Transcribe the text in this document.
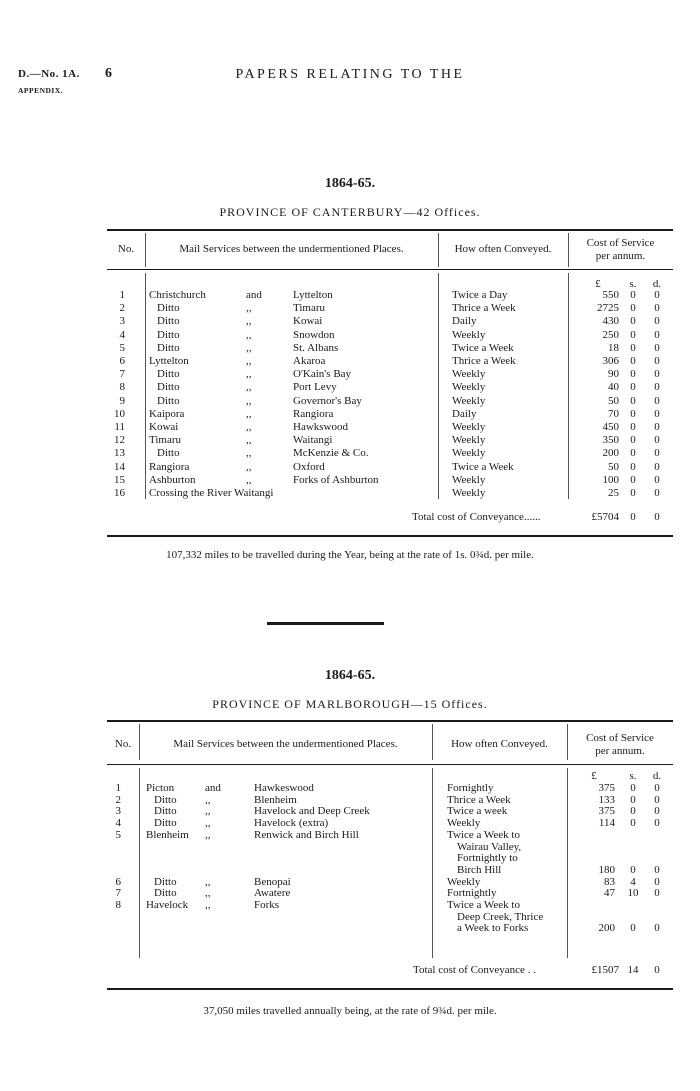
D.—No. 1A.
APPENDIX.
6	PAPERS RELATING TO THE
1864-65.
PROVINCE OF CANTERBURY—42 Offices.
No.	Mail Services between the undermentioned Places.	How often Conveyed.	Cost of Service
per annum.
£	s.	d.
1 Christchurch	and	Lyttelton	Twice a Day	550	0	0
2	Ditto	,,	Timaru	Thrice a Week	2725	0	0
3	Ditto	,,	Kowai	Daily	430	0	0
4	Ditto	,,	Snowdon	Weekly	250	0	0
5	Ditto	,,	St. Albans	Twice a Week	18	0	0
6 Lyttelton	,,	Akaroa	Thrice a Week	306	0	0
7	Ditto	,,	O'Kain's Bay	Weekly	90	0	0
8	Ditto	,,	Port Levy	Weekly	40	0	0
9	Ditto	,,	Governor's Bay	Weekly	50	0	0
10 Kaipora	,,	Rangiora	Daily	70	0	0
11 Kowai	,,	Hawkswood	Weekly	450	0	0
12 Timaru	,,	Waitangi	Weekly	350	0	0
13	Ditto	,,	McKenzie & Co.	Weekly	200	0	0
14 Rangiora	,,	Oxford	Twice a Week	50	0	0
15 Ashburton	,,	Forks of Ashburton	Weekly	100	0	0
16 Crossing the River Waitangi	Weekly	25	0	0
Total cost of Conveyance......	£5704	0	0
107,332 miles to be travelled during the Year, being at the rate of 1s. 0¾d. per mile.
1864-65.
PROVINCE OF MARLBOROUGH—15 Offices.
No.	Mail Services between the undermentioned Places.	How often Conveyed.	Cost of Service
per annum.
£	s.	d.
1 Picton	and	Hawkeswood	Fornightly	375	0	0
2	Ditto	,,	Blenheim	Thrice a Week	133	0	0
3	Ditto	,,	Havelock and Deep Creek	Twice a week	375	0	0
4	Ditto	,,	Havelock (extra)	Weekly	114	0	0
5 Blenheim ,,	Renwick and Birch Hill	Twice a Week to
Wairau Valley,
Fortnightly to
Birch Hill	180	0	0
6	Ditto	,,	Benopai	Weekly	83	4	0
7	Ditto	,,	Awatere	Fortnightly	47	10	0
8 Havelock ,,	Forks	Twice a Week to
Deep Creek, Thrice
a Week to Forks	200	0	0
Total cost of Conveyance . .	£1507 14	0
37,050 miles travelled annually being, at the rate of 9¾d. per mile.
